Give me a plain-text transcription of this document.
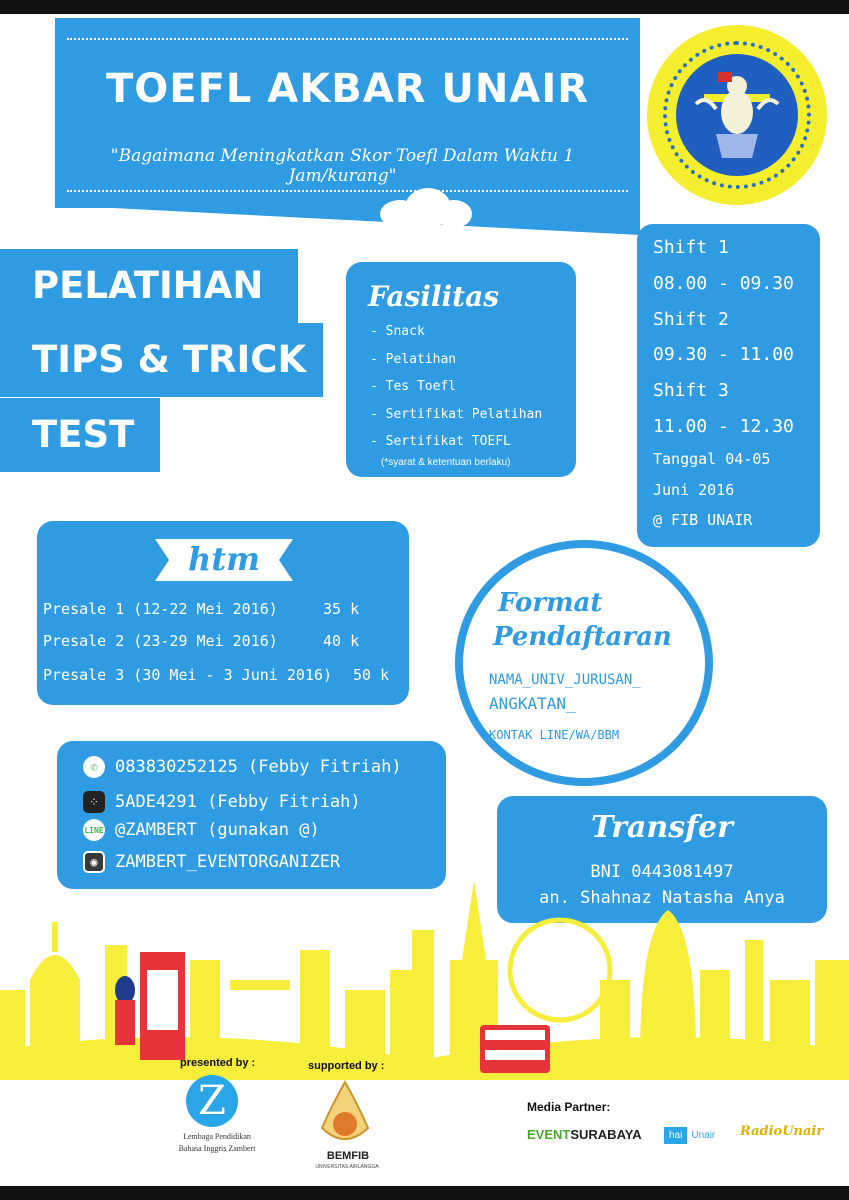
TOEFL AKBAR UNAIR
"Bagaimana Meningkatkan Skor Toefl Dalam Waktu 1 Jam/kurang"
PELATIHAN
TIPS & TRICK
TEST
Fasilitas
- Snack
- Pelatihan
- Tes Toefl
- Sertifikat Pelatihan
- Sertifikat TOEFL
(*syarat & ketentuan berlaku)
Shift 1
08.00 - 09.30
Shift 2
09.30 - 11.00
Shift 3
11.00 - 12.30
Tanggal 04-05
Juni 2016
@ FIB UNAIR
htm
Presale 1 (12-22 Mei 2016)	35 k
Presale 2 (23-29 Mei 2016)	40 k
Presale 3 (30 Mei - 3 Juni 2016) 50 k
Format
Pendaftaran
NAMA_UNIV_JURUSAN_
ANGKATAN_
KONTAK LINE/WA/BBM
✆	083830252125 (Febby Fitriah)
⁘ 5ADE4291 (Febby Fitriah)
LINE @ZAMBERT (gunakan @)
◉	ZAMBERT_EVENTORGANIZER
Transfer
BNI 0443081497
an. Shahnaz Natasha Anya
presented by :
Z
Lembaga Pendidikan
Bahasa Inggris Zambert
supported by :
BEMFIB
UNIVERSITAS AIRLANGGA
Media Partner:
EVENTSURABAYA	hai Unair RadioUnair
